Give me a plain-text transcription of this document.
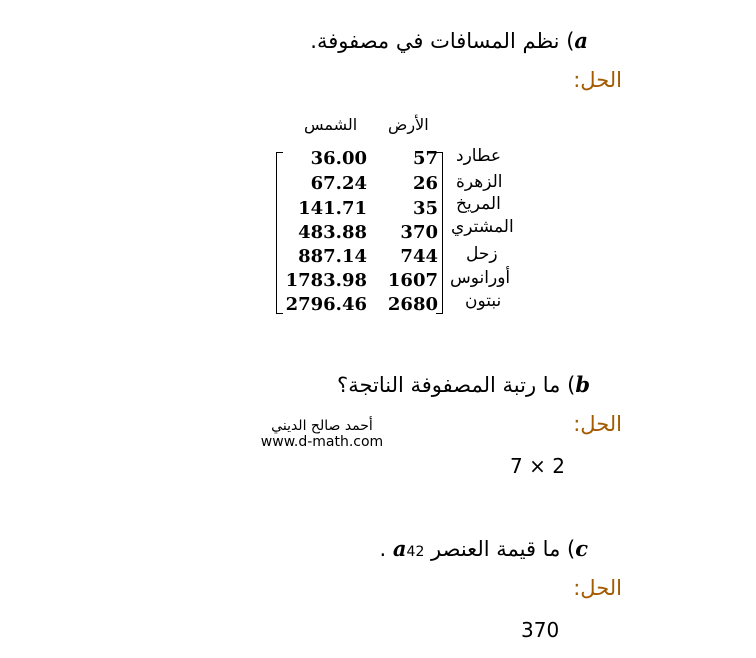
a) نظم المسافات في مصفوفة.
الحل:
الأرض
الشمس
36.00
67.24
141.71
483.88
887.14
1783.98
2796.46
57
26
35
370
744
1607
2680
عطارد
الزهرة
المريخ
المشتري
زحل
أورانوس
نبتون
b) ما رتبة المصفوفة الناتجة؟
الحل:
أحمد صالح الديني
www.d-math.com
7 × 2
c) ما قيمة العنصر a42 .
الحل:
370
